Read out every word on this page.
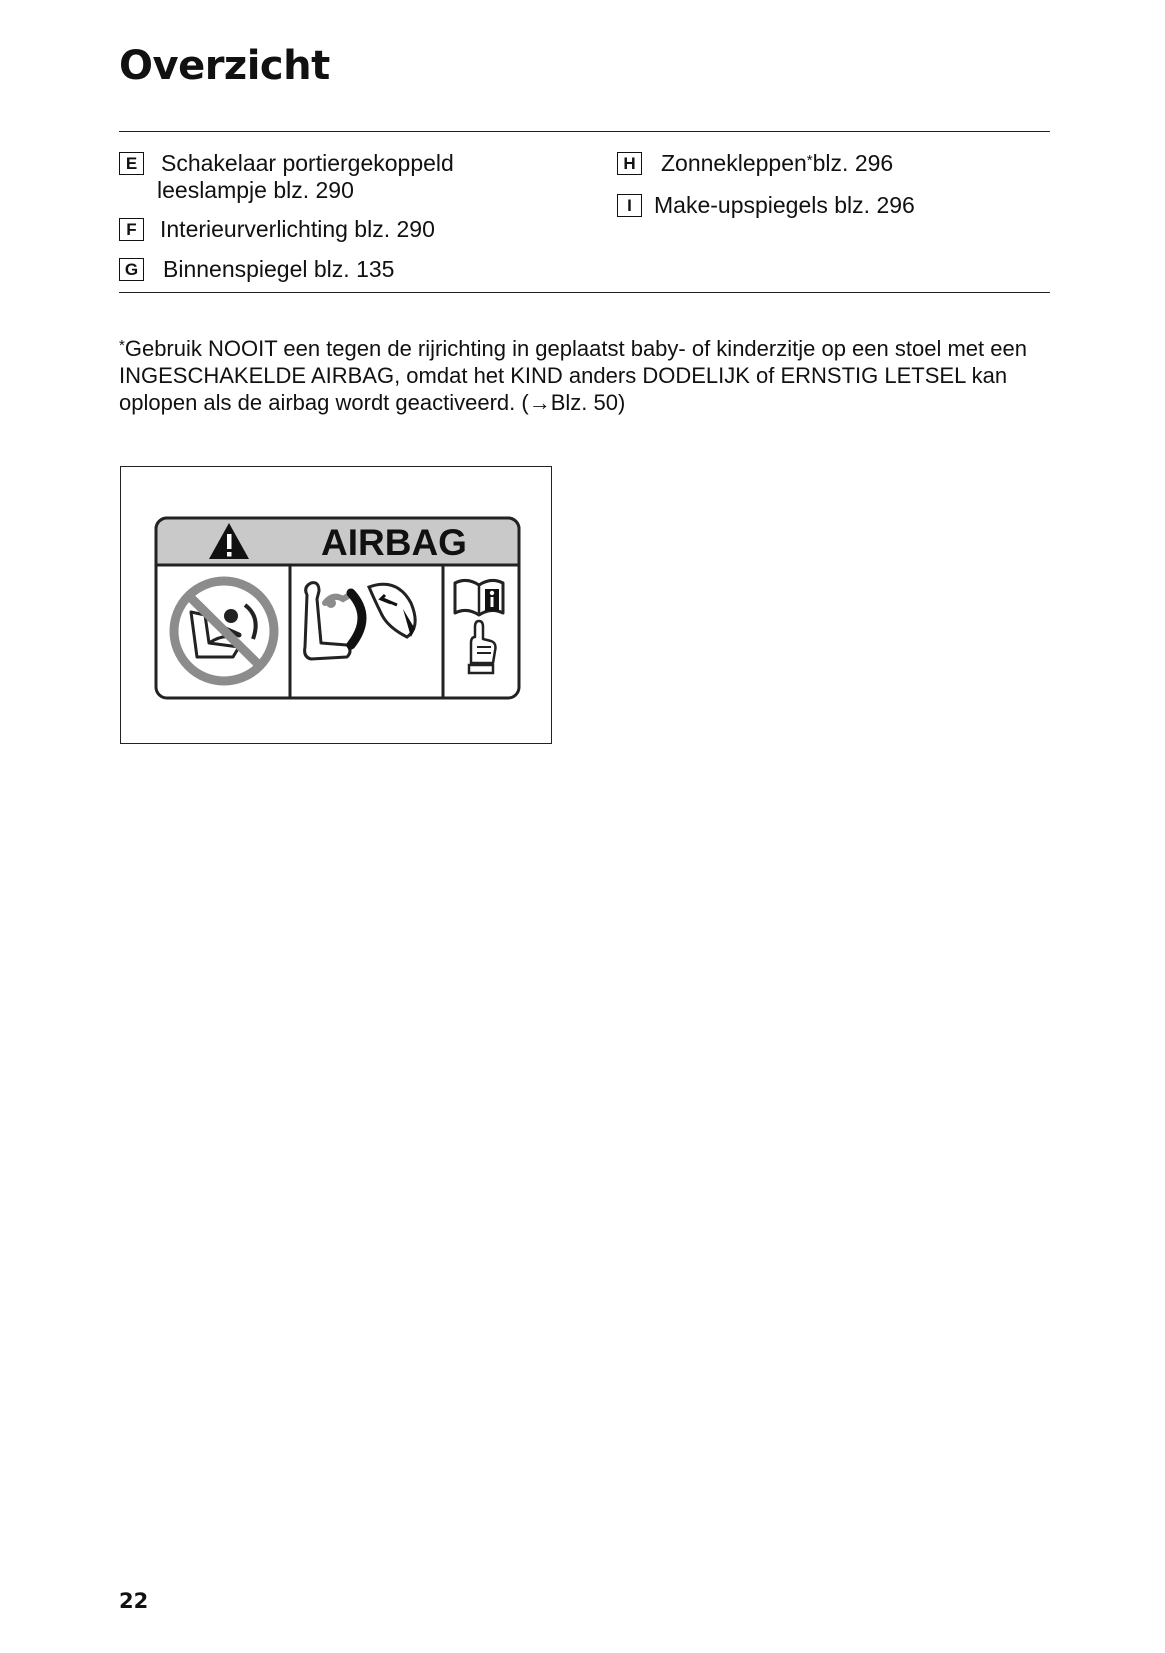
Overzicht
E	Schakelaar portiergekoppeld
leeslampje blz. 290
F	Interieurverlichting blz. 290
G	Binnenspiegel blz. 135
H	Zonnekleppen*blz. 296
I Make-upspiegels blz. 296

*Gebruik NOOIT een tegen de rijrichting in geplaatst baby- of kinderzitje op een stoel met een INGESCHAKELDE AIRBAG, omdat het KIND anders DODELIJK of ERNSTIG LETSEL kan oplopen als de airbag wordt geactiveerd. (→Blz. 50)

AIRBAG
22
